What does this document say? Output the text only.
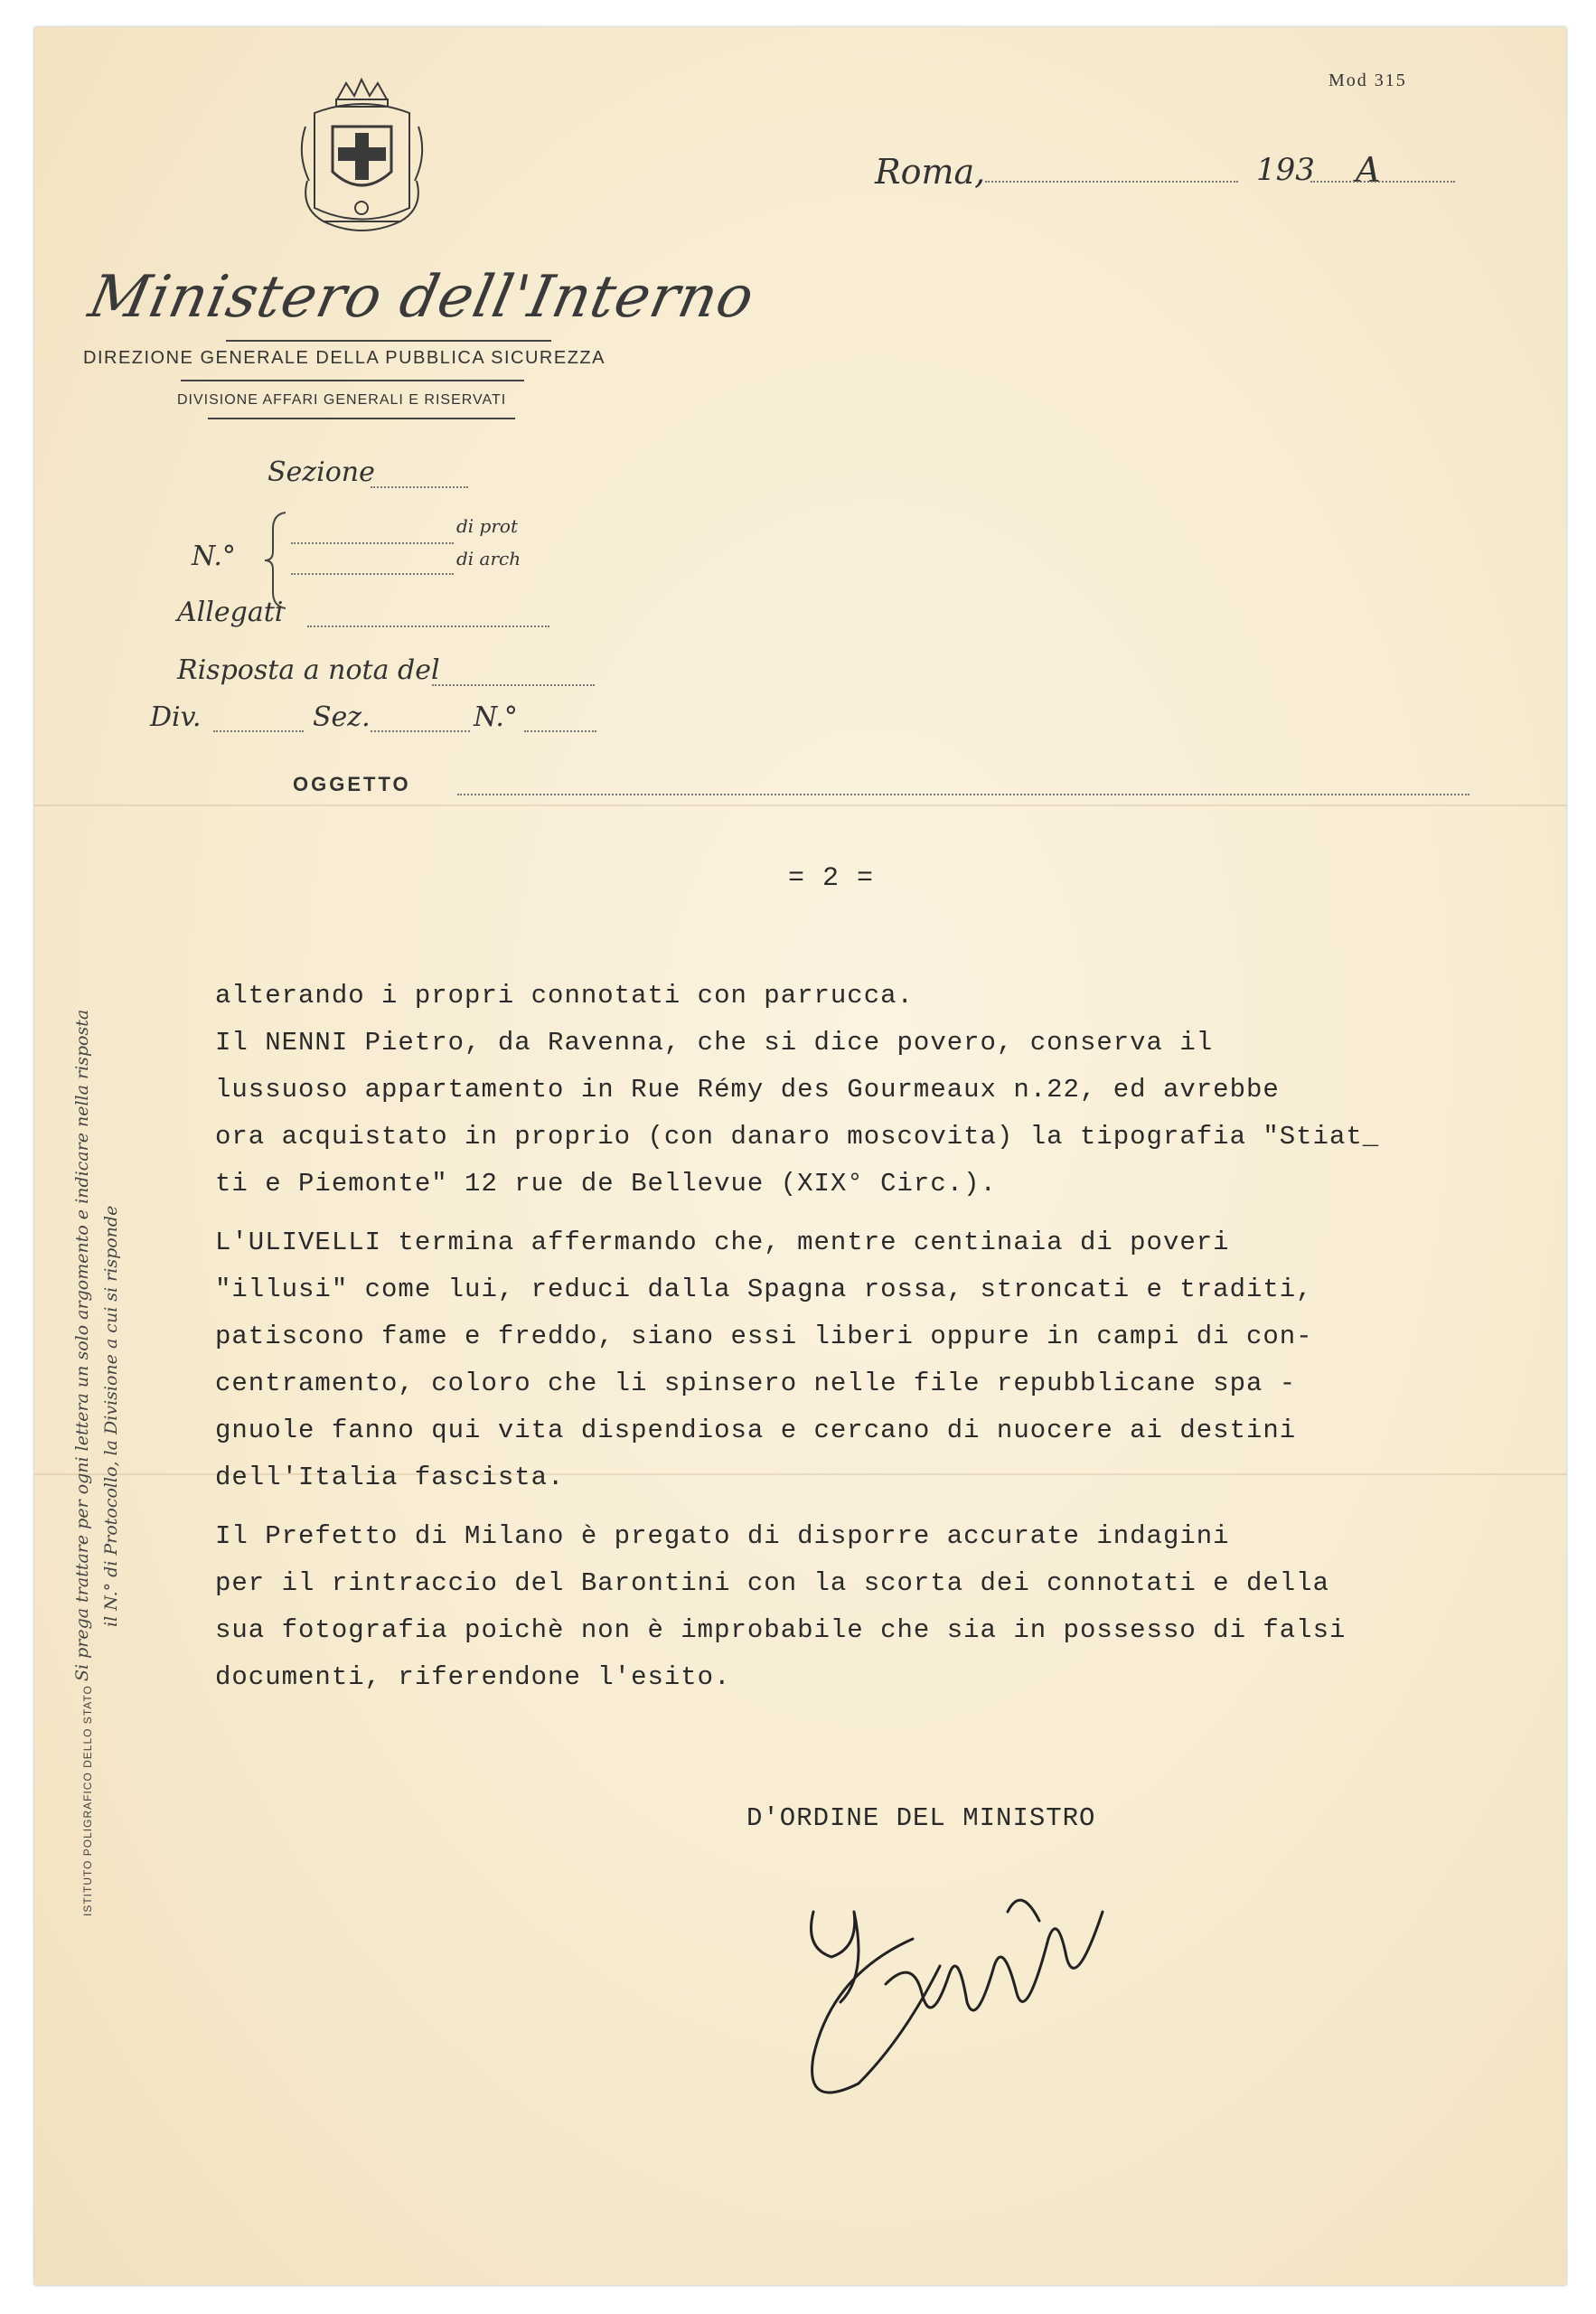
Mod 315
Ministero dell'Interno
DIREZIONE GENERALE DELLA PUBBLICA SICUREZZA
DIVISIONE AFFARI GENERALI E RISERVATI
Roma,	193 A
Sezione
N.°
di prot
di arch
Allegati
Risposta a nota del
Div.	Sez.	N.°
OGGETTO
ISTITUTO POLIGRAFICO DELLO STATO
Si prega trattare per ogni lettera un solo argomento e indicare nella risposta il N.° di Protocollo, la Divisione a cui si risponde
= 2 =
alterando i propri connotati con parrucca.
Il NENNI Pietro, da Ravenna, che si dice povero, conserva il
lussuoso appartamento in Rue Rémy des Gourmeaux n.22, ed avrebbe
ora acquistato in proprio (con danaro moscovita) la tipografia "Stiat_
ti e Piemonte" 12 rue de Bellevue (XIX° Circ.).
L'ULIVELLI termina affermando che, mentre centinaia di poveri
"illusi" come lui, reduci dalla Spagna rossa, stroncati e traditi,
patiscono fame e freddo, siano essi liberi oppure in campi di con-
centramento, coloro che li spinsero nelle file repubblicane spa -
gnuole fanno qui vita dispendiosa e cercano di nuocere ai destini
dell'Italia fascista.
Il Prefetto di Milano è pregato di disporre accurate indagini
per il rintraccio del Barontini con la scorta dei connotati e della
sua fotografia poichè non è improbabile che sia in possesso di falsi
documenti, riferendone l'esito.
D'ORDINE DEL MINISTRO
